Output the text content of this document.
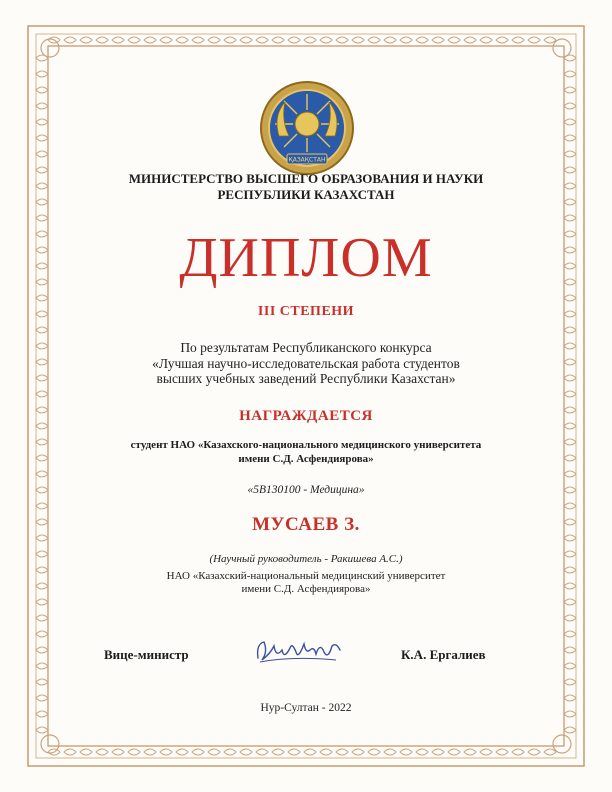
ҚАЗАҚСТАН
МИНИСТЕРСТВО ВЫСШЕГО ОБРАЗОВАНИЯ И НАУКИ
РЕСПУБЛИКИ КАЗАХСТАН
ДИПЛОМ
III СТЕПЕНИ
По результатам Республиканского конкурса
«Лучшая научно-исследовательская работа студентов
высших учебных заведений Республики Казахстан»
НАГРАЖДАЕТСЯ
студент НАО «Казахского-национального медицинского университета
имени С.Д. Асфендиярова»
«5В130100 - Медицина»
МУСАЕВ З.
(Научный руководитель - Ракишева А.С.)
НАО «Казахский-национальный медицинский университет
имени С.Д. Асфендиярова»
Вице-министр	К.А. Ергалиев
Нур-Султан - 2022
